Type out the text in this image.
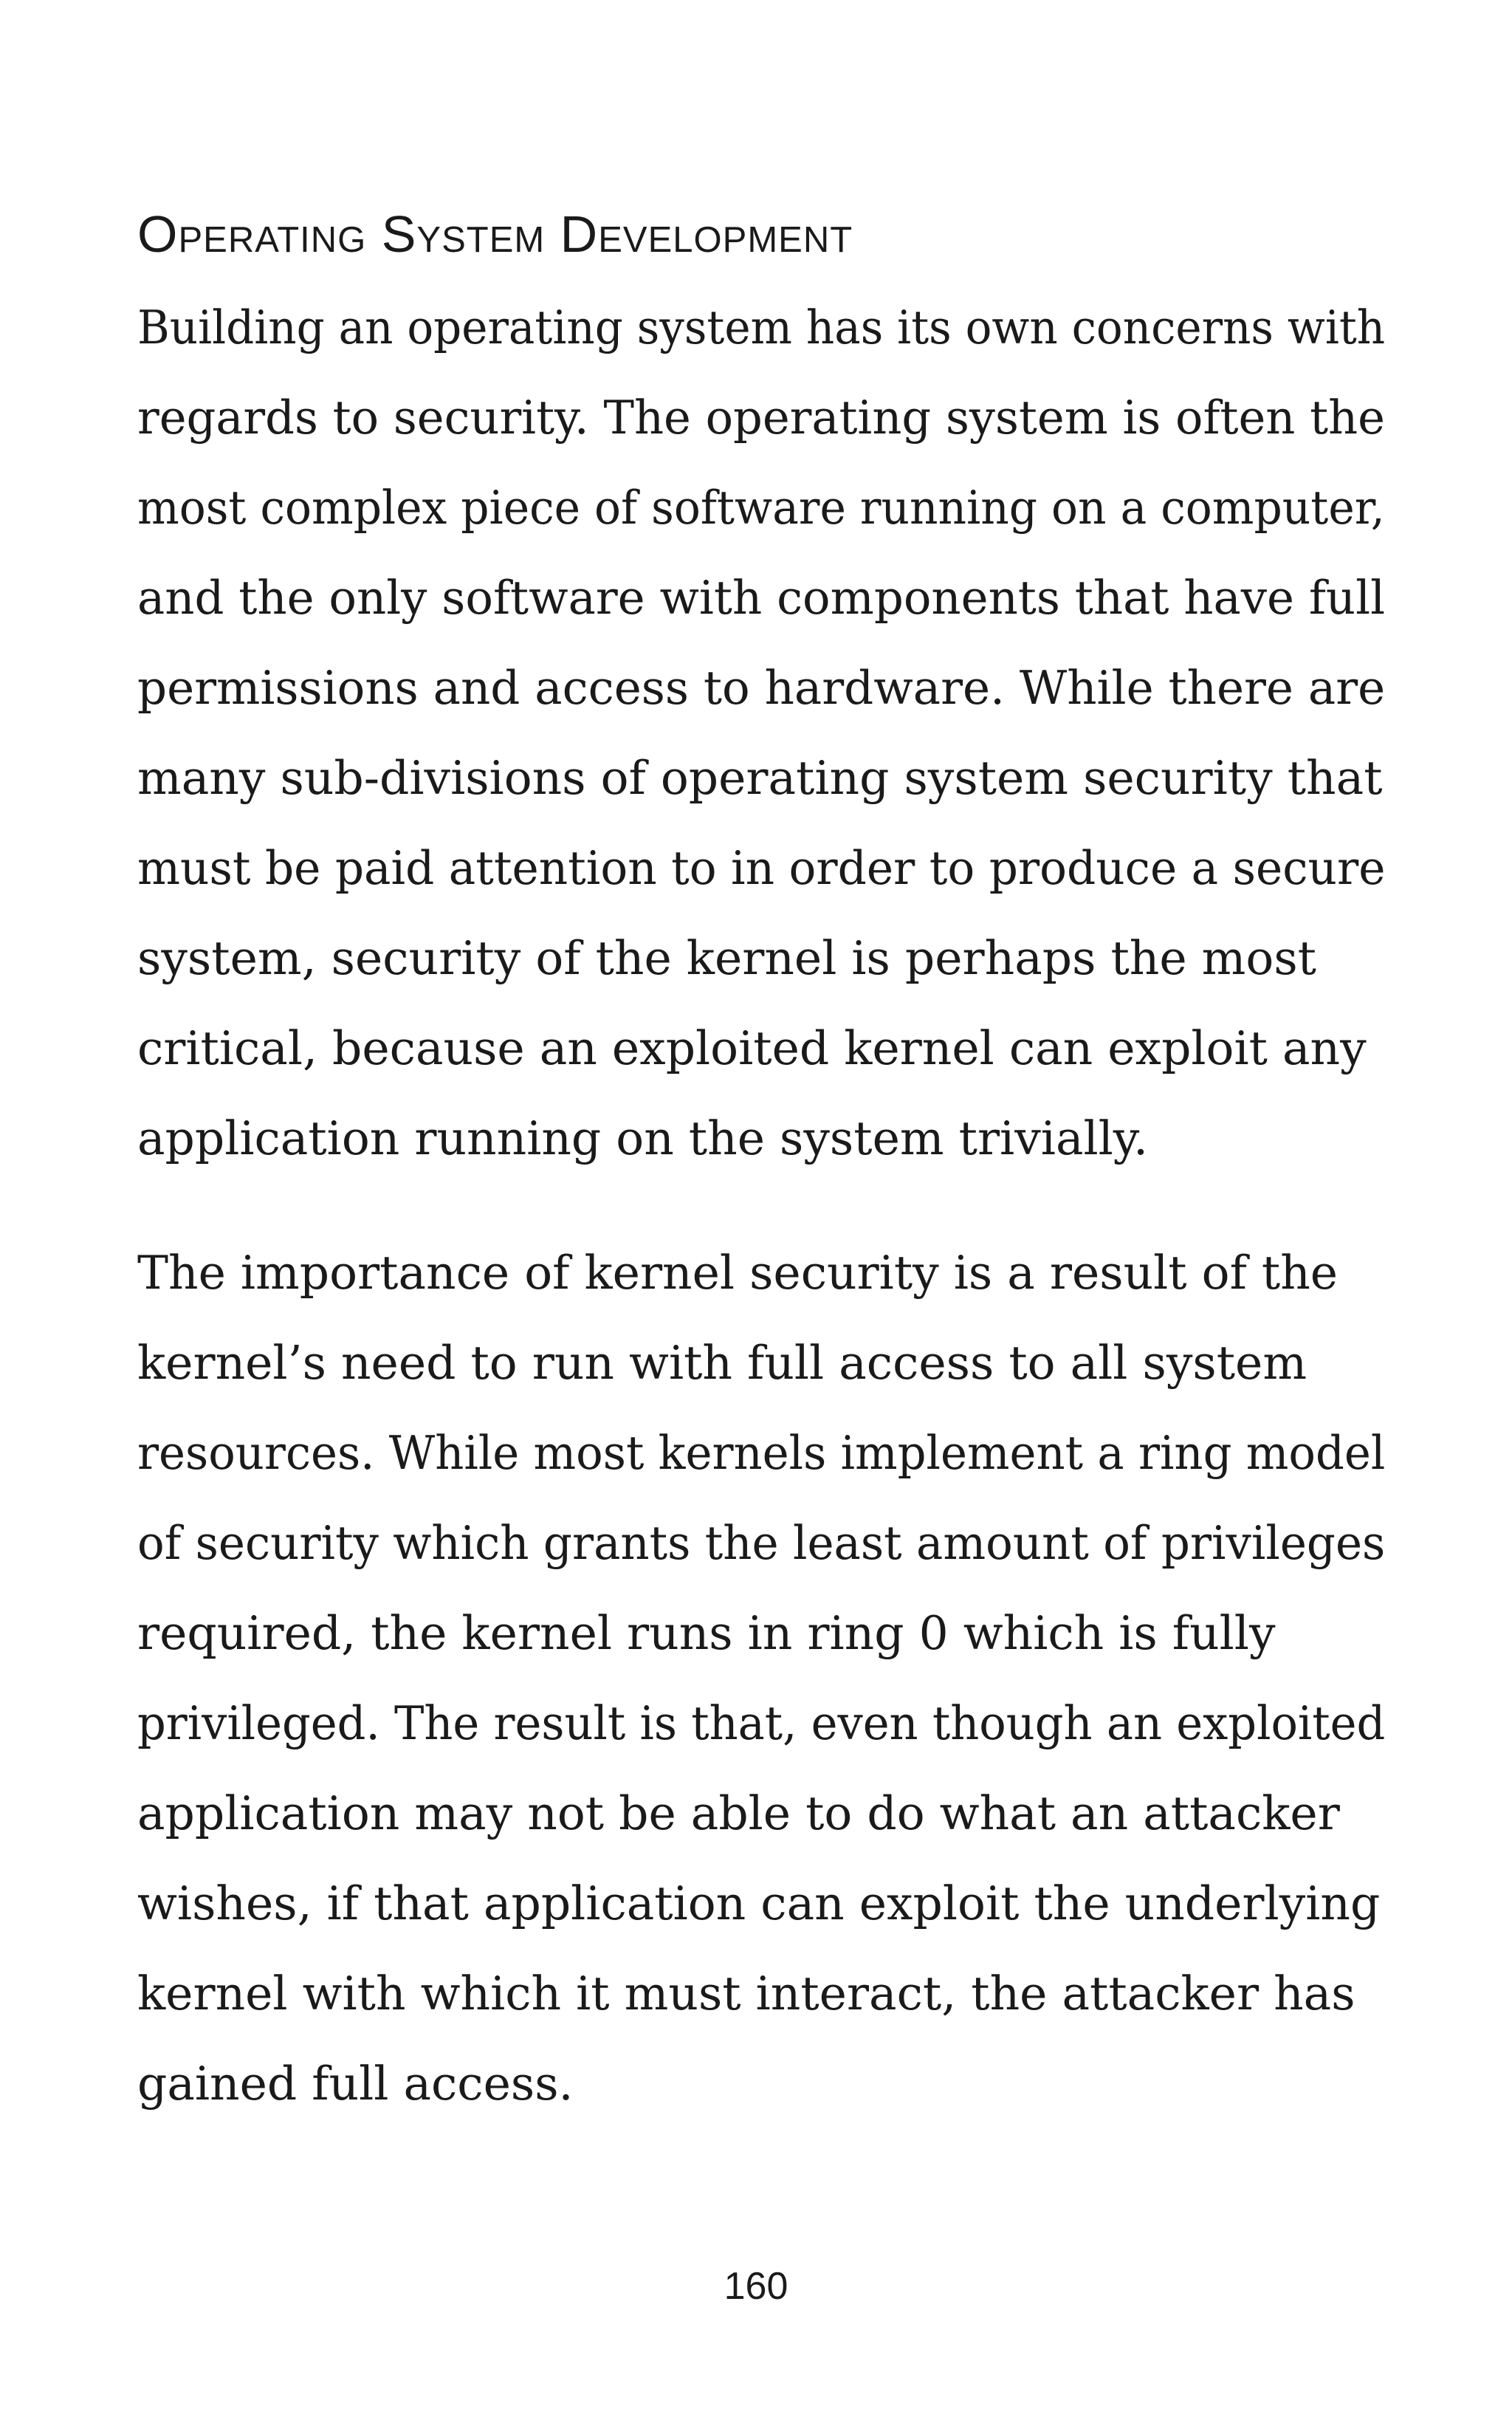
Operating System Development
Building an operating system has its own concerns with
regards to security. The operating system is often the
most complex piece of software running on a computer,
and the only software with components that have full
permissions and access to hardware. While there are
many sub-divisions of operating system security that
must be paid attention to in order to produce a secure
system, security of the kernel is perhaps the most
critical, because an exploited kernel can exploit any
application running on the system trivially.
The importance of kernel security is a result of the
kernel’s need to run with full access to all system
resources. While most kernels implement a ring model
of security which grants the least amount of privileges
required, the kernel runs in ring 0 which is fully
privileged. The result is that, even though an exploited
application may not be able to do what an attacker
wishes, if that application can exploit the underlying
kernel with which it must interact, the attacker has
gained full access.
160
